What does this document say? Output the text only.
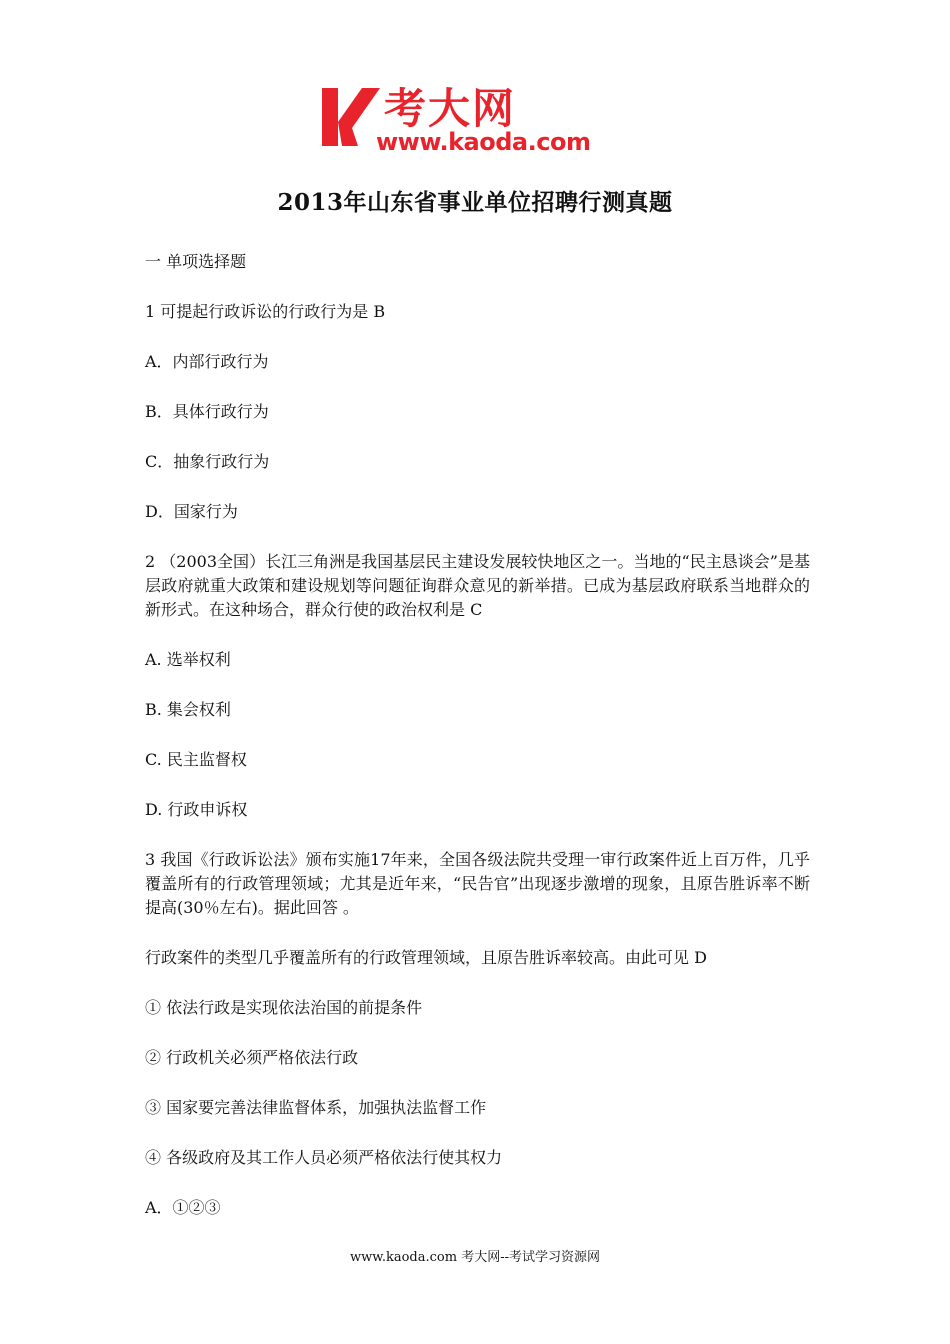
考大网
www.kaoda.com
2013年山东省事业单位招聘行测真题
一 单项选择题
1 可提起行政诉讼的行政行为是 B
A．内部行政行为
B．具体行政行为
C．抽象行政行为
D．国家行为
2 （2003全国）长江三角洲是我国基层民主建设发展较快地区之一。当地的“民主恳谈会”是基层政府就重大政策和建设规划等问题征询群众意见的新举措。已成为基层政府联系当地群众的新形式。在这种场合，群众行使的政治权利是 C
A. 选举权利
B. 集会权利
C. 民主监督权
D. 行政申诉权
3 我国《行政诉讼法》颁布实施17年来，全国各级法院共受理一审行政案件近上百万件，几乎覆盖所有的行政管理领域；尤其是近年来，“民告官”出现逐步激增的现象，且原告胜诉率不断提高(30％左右)。据此回答 。
行政案件的类型几乎覆盖所有的行政管理领域，且原告胜诉率较高。由此可见 D
① 依法行政是实现依法治国的前提条件
② 行政机关必须严格依法行政
③ 国家要完善法律监督体系，加强执法监督工作
④ 各级政府及其工作人员必须严格依法行使其权力
A．①②③
www.kaoda.com 考大网--考试学习资源网
